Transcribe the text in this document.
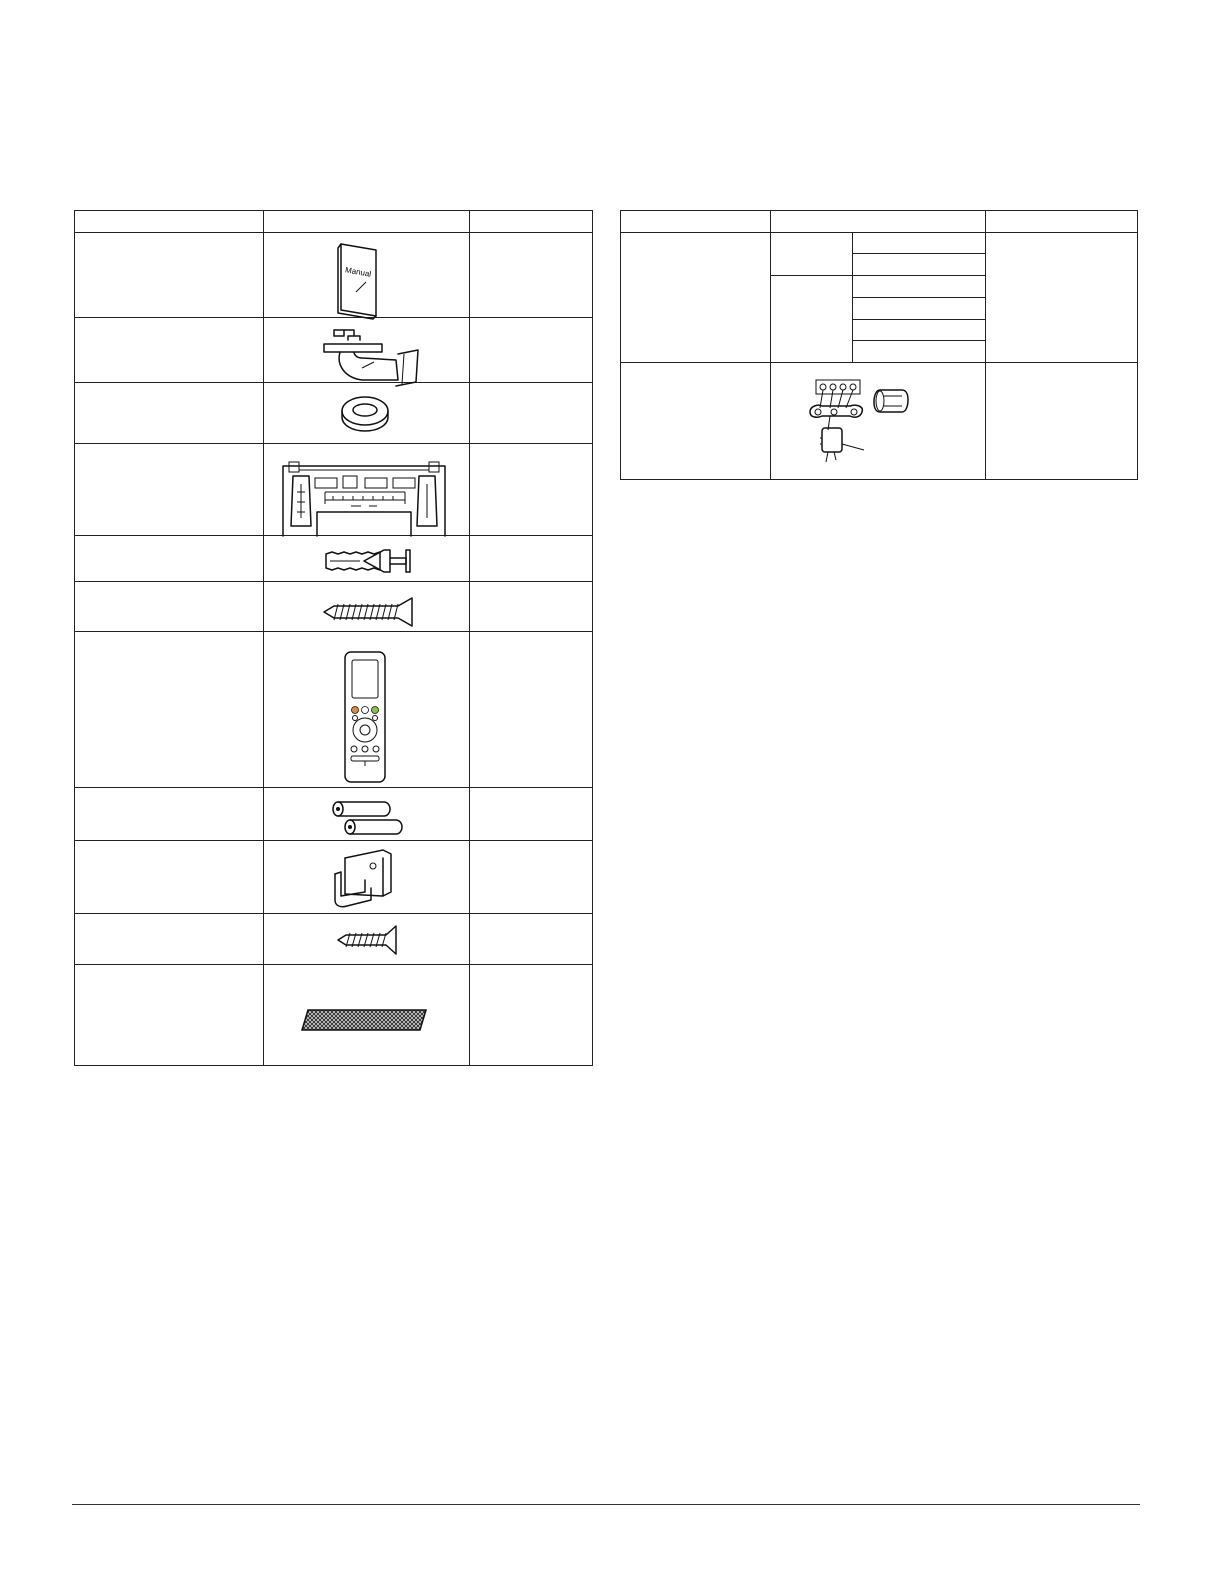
Manual
